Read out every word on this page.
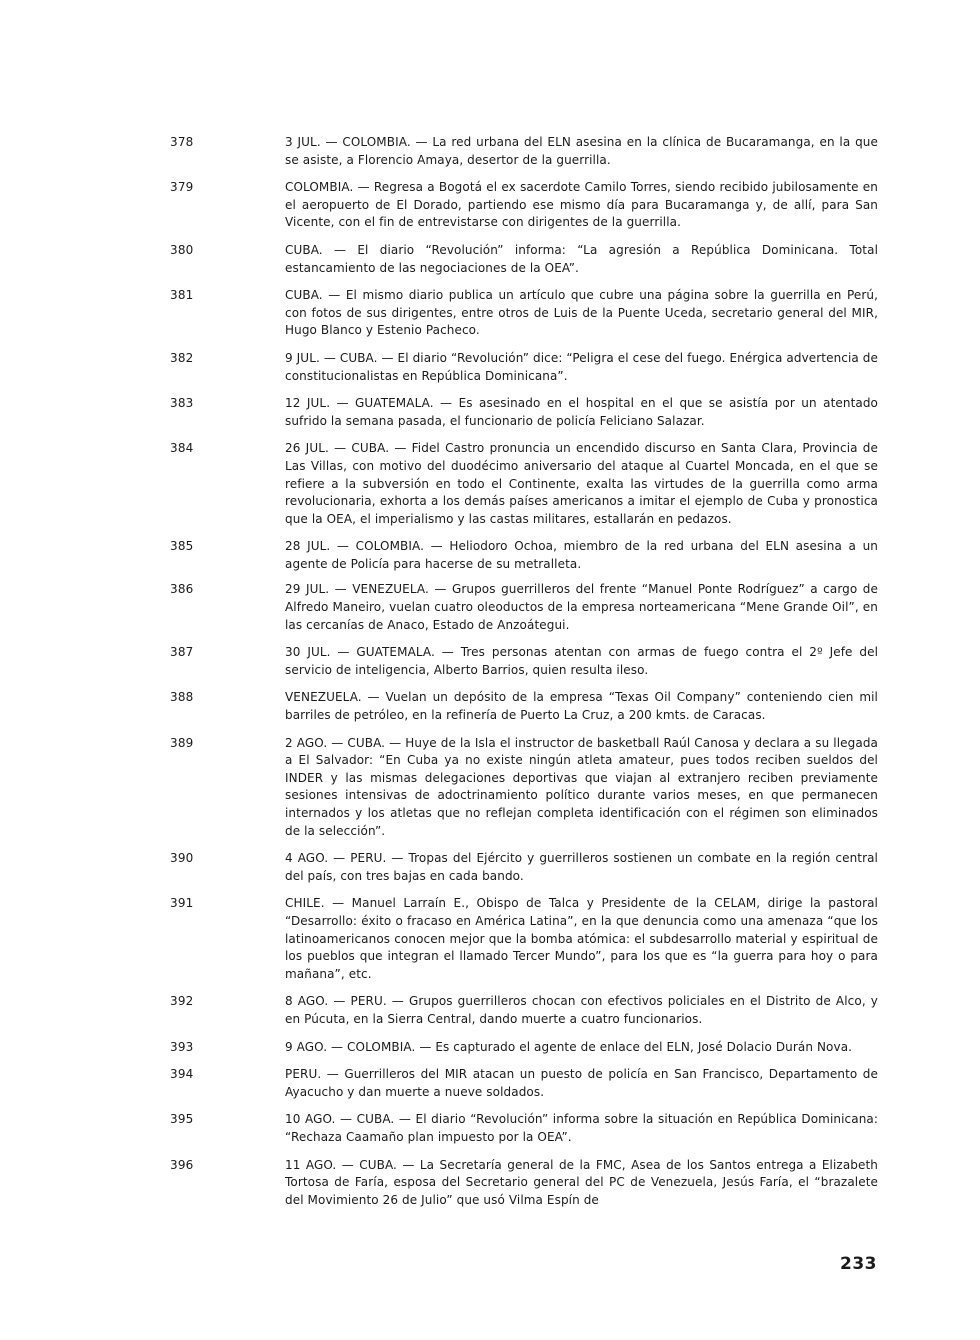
378	3 JUL. — COLOMBIA. — La red urbana del ELN asesina en la clínica de Bucaramanga, en la que se asiste, a Florencio Amaya, desertor de la guerrilla.
379	COLOMBIA. — Regresa a Bogotá el ex sacerdote Camilo Torres, siendo recibido jubilosamente en el aeropuerto de El Dorado, partiendo ese mismo día para Bucaramanga y, de allí, para San Vicente, con el fin de entrevistarse con dirigentes de la guerrilla.
380	CUBA. — El diario “Revolución” informa: “La agresión a República Dominicana. Total estancamiento de las negociaciones de la OEA”.
381	CUBA. — El mismo diario publica un artículo que cubre una página sobre la guerrilla en Perú, con fotos de sus dirigentes, entre otros de Luis de la Puente Uceda, secretario general del MIR, Hugo Blanco y Estenio Pacheco.
382	9 JUL. — CUBA. — El diario “Revolución” dice: “Peligra el cese del fuego. Enérgica advertencia de constitucionalistas en República Dominicana”.
383	12 JUL. — GUATEMALA. — Es asesinado en el hospital en el que se asistía por un atentado sufrido la semana pasada, el funcionario de policía Feliciano Salazar.
384	26 JUL. — CUBA. — Fidel Castro pronuncia un encendido discurso en Santa Clara, Provincia de Las Villas, con motivo del duodécimo aniversario del ataque al Cuartel Moncada, en el que se refiere a la subversión en todo el Continente, exalta las virtudes de la guerrilla como arma revolucionaria, exhorta a los demás países americanos a imitar el ejemplo de Cuba y pronostica que la OEA, el imperialismo y las castas militares, estallarán en pedazos.
385	28 JUL. — COLOMBIA. — Heliodoro Ochoa, miembro de la red urbana del ELN asesina a un agente de Policía para hacerse de su metralleta.
386	29 JUL. — VENEZUELA. — Grupos guerrilleros del frente “Manuel Ponte Rodríguez” a cargo de Alfredo Maneiro, vuelan cuatro oleoductos de la empresa norteamericana “Mene Grande Oil”, en las cercanías de Anaco, Estado de Anzoátegui.
387	30 JUL. — GUATEMALA. — Tres personas atentan con armas de fuego contra el 2º Jefe del servicio de inteligencia, Alberto Barrios, quien resulta ileso.
388	VENEZUELA. — Vuelan un depósito de la empresa “Texas Oil Company” conteniendo cien mil barriles de petróleo, en la refinería de Puerto La Cruz, a 200 kmts. de Caracas.
389	2 AGO. — CUBA. — Huye de la Isla el instructor de basketball Raúl Canosa y declara a su llegada a El Salvador: “En Cuba ya no existe ningún atleta amateur, pues todos reciben sueldos del INDER y las mismas delegaciones deportivas que viajan al extranjero reciben previamente sesiones intensivas de adoctrinamiento político durante varios meses, en que permanecen internados y los atletas que no reflejan completa identificación con el régimen son eliminados de la selección”.
390	4 AGO. — PERU. — Tropas del Ejército y guerrilleros sostienen un combate en la región central del país, con tres bajas en cada bando.
391	CHILE. — Manuel Larraín E., Obispo de Talca y Presidente de la CELAM, dirige la pastoral “Desarrollo: éxito o fracaso en América Latina”, en la que denuncia como una amenaza “que los latinoamericanos conocen mejor que la bomba atómica: el subdesarrollo material y espiritual de los pueblos que integran el llamado Tercer Mundo”, para los que es “la guerra para hoy o para mañana”, etc.
392	8 AGO. — PERU. — Grupos guerrilleros chocan con efectivos policiales en el Distrito de Alco, y en Púcuta, en la Sierra Central, dando muerte a cuatro funcionarios.
393	9 AGO. — COLOMBIA. — Es capturado el agente de enlace del ELN, José Dolacio Durán Nova.
394	PERU. — Guerrilleros del MIR atacan un puesto de policía en San Francisco, Departamento de Ayacucho y dan muerte a nueve soldados.
395	10 AGO. — CUBA. — El diario “Revolución” informa sobre la situación en República Dominicana: “Rechaza Caamaño plan impuesto por la OEA”.
396	11 AGO. — CUBA. — La Secretaría general de la FMC, Asea de los Santos entrega a Elizabeth Tortosa de Faría, esposa del Secretario general del PC de Venezuela, Jesús Faría, el “brazalete del Movimiento 26 de Julio” que usó Vilma Espín de
233
